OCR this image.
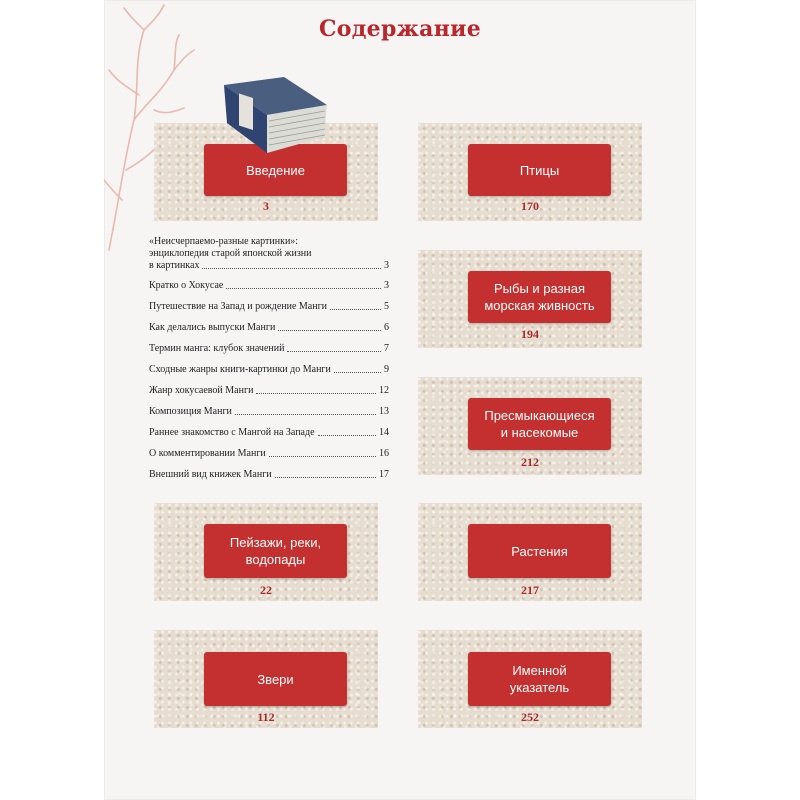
Содержание
Введение
3
Птицы
170
Рыбы и разная
морская живность
194
Пресмыкающиеся
и насекомые
212
Пейзажи, реки,
водопады
22
Растения
217
Звери
112
Именной
указатель
252
«Неисчерпаемо-разные картинки»:
энциклопедия старой японской жизни
в картинках	3
Кратко о Хокусае	3
Путешествие на Запад и рождение Манги	5
Как делались выпуски Манги	6
Термин манга: клубок значений	7
Сходные жанры книги-картинки до Манги	9
Жанр хокусаевой Манги	12
Композиция Манги	13
Раннее знакомство с Мангой на Западе	14
О комментировании Манги	16
Внешний вид книжек Манги	17
